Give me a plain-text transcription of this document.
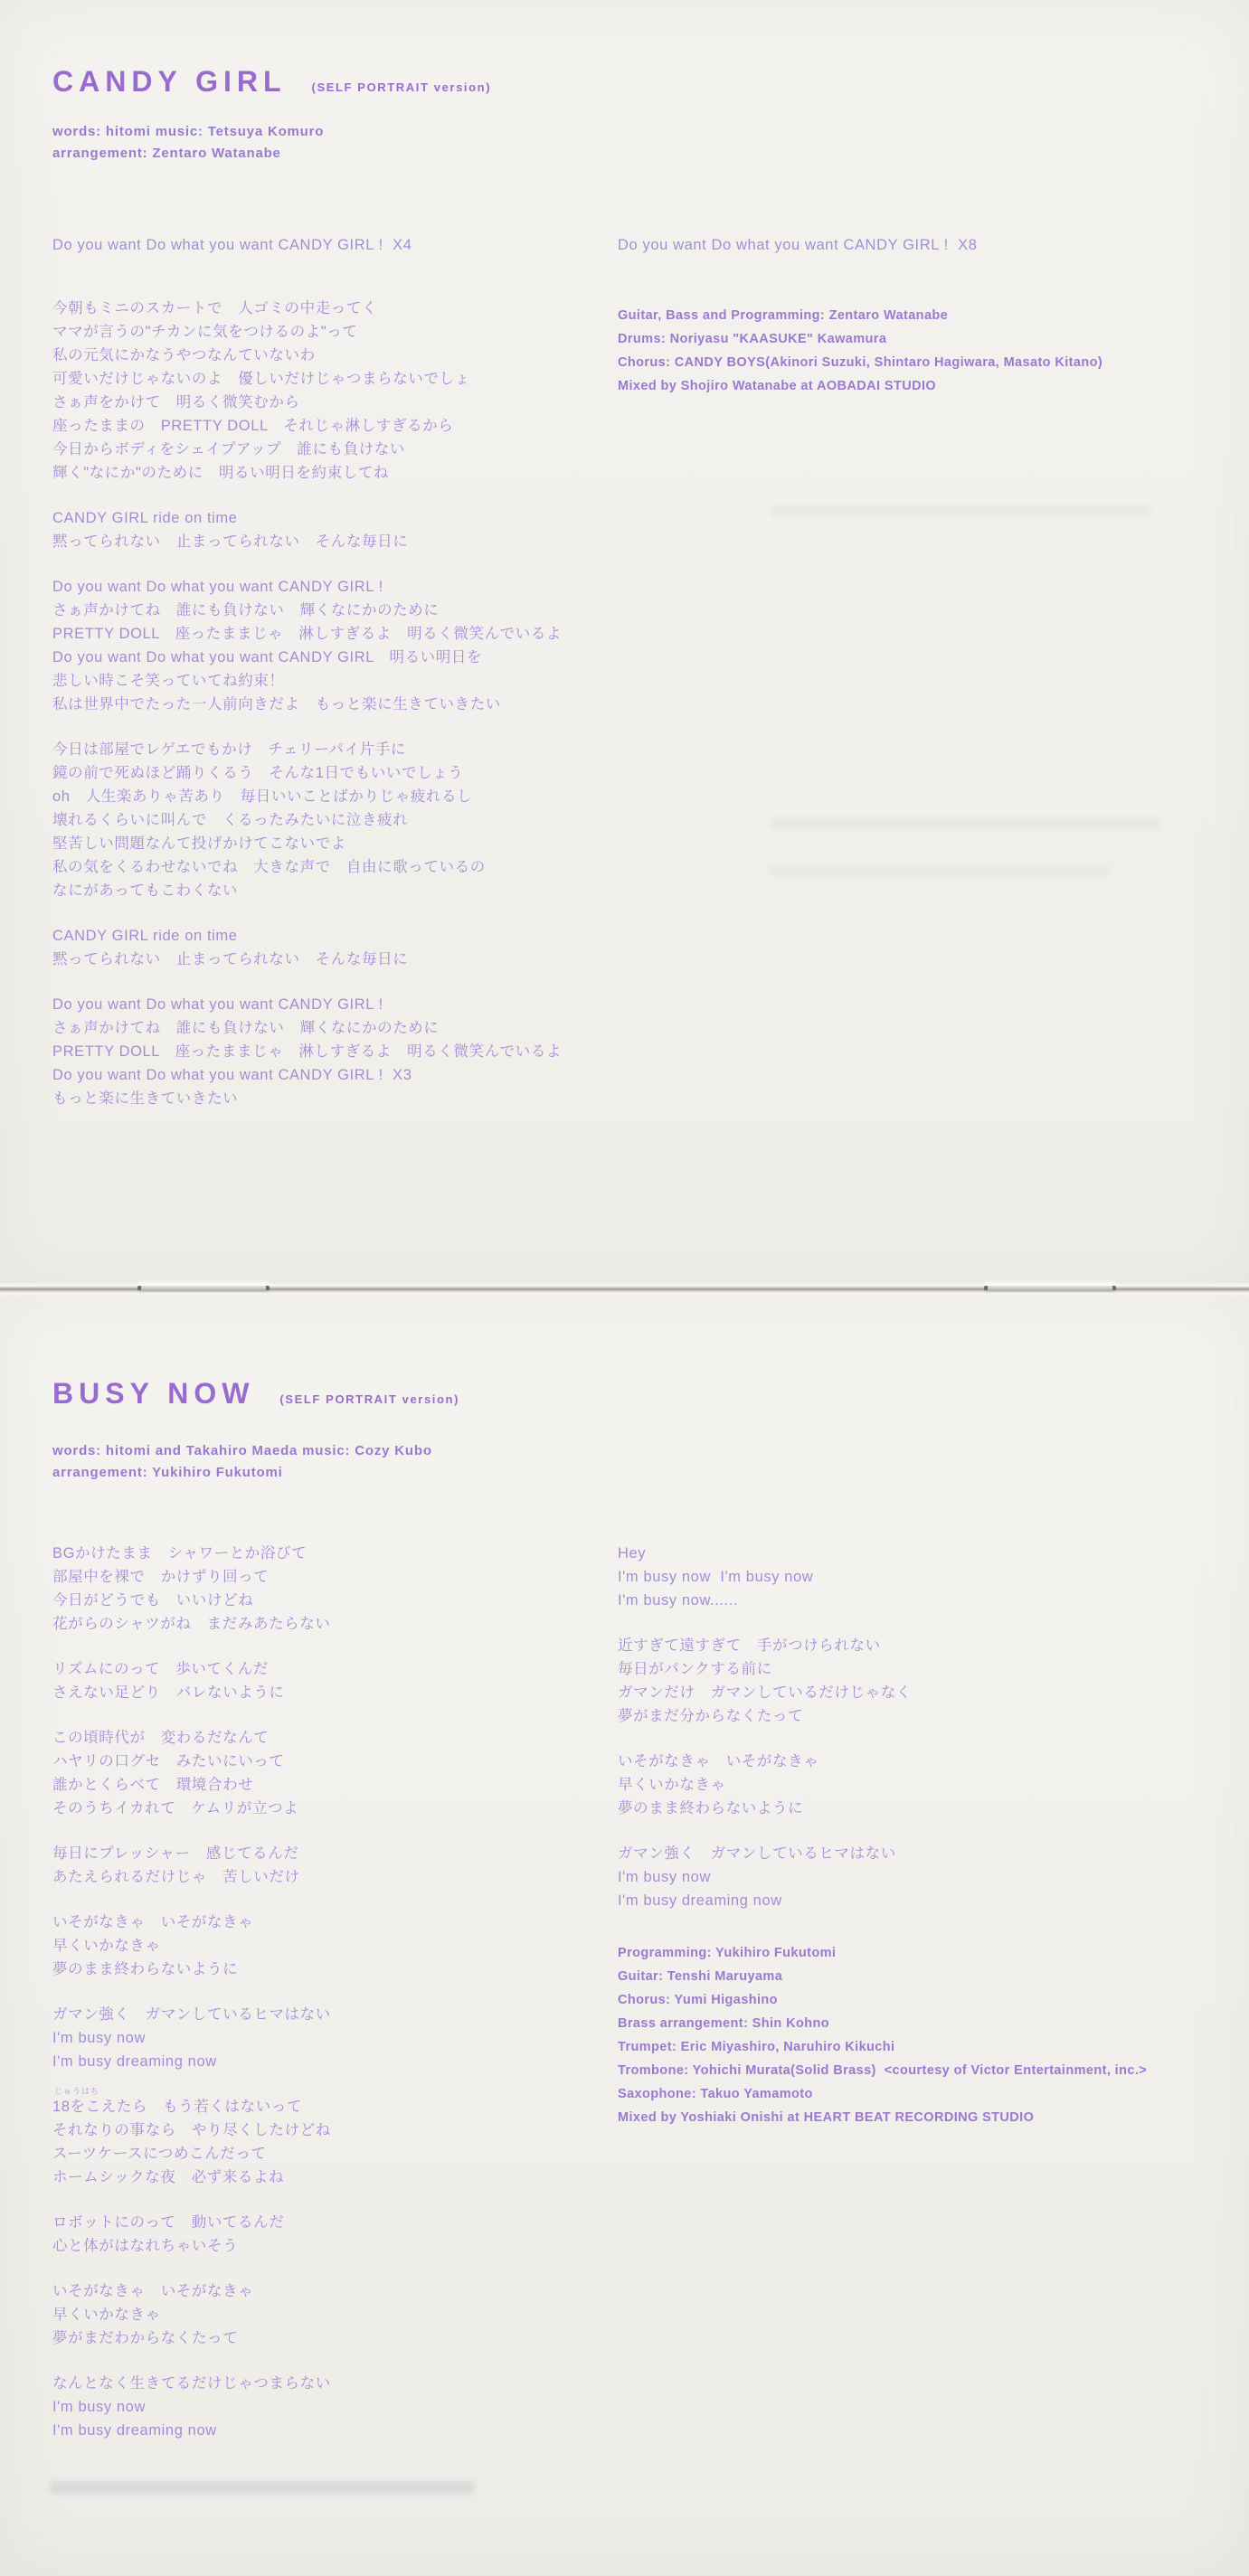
CANDY GIRL (SELF PORTRAIT version)
words: hitomi music: Tetsuya Komuro
arrangement: Zentaro Watanabe
Do you want Do what you want CANDY GIRL !  X4
今朝もミニのスカートで　人ゴミの中走ってく
ママが言うの"チカンに気をつけるのよ"って
私の元気にかなうやつなんていないわ
可愛いだけじゃないのよ　優しいだけじゃつまらないでしょ
さぁ声をかけて　明るく微笑むから
座ったままの　PRETTY DOLL　それじゃ淋しすぎるから
今日からボディをシェイプアップ　誰にも負けない
輝く"なにか"のために　明るい明日を約束してね
CANDY GIRL ride on time
黙ってられない　止まってられない　そんな毎日に
Do you want Do what you want CANDY GIRL !
さぁ声かけてね　誰にも負けない　輝くなにかのために
PRETTY DOLL　座ったままじゃ　淋しすぎるよ　明るく微笑んでいるよ
Do you want Do what you want CANDY GIRL　明るい明日を
悲しい時こそ笑っていてね約束！
私は世界中でたった一人前向きだよ　もっと楽に生きていきたい
今日は部屋でレゲエでもかけ　チェリーパイ片手に
鏡の前で死ぬほど踊りくるう　そんな1日でもいいでしょう
oh　人生楽ありゃ苦あり　毎日いいことばかりじゃ疲れるし
壊れるくらいに叫んで　くるったみたいに泣き疲れ
堅苦しい問題なんて投げかけてこないでよ
私の気をくるわせないでね　大きな声で　自由に歌っているの
なにがあってもこわくない
CANDY GIRL ride on time
黙ってられない　止まってられない　そんな毎日に
Do you want Do what you want CANDY GIRL !
さぁ声かけてね　誰にも負けない　輝くなにかのために
PRETTY DOLL　座ったままじゃ　淋しすぎるよ　明るく微笑んでいるよ
Do you want Do what you want CANDY GIRL !  X3
もっと楽に生きていきたい
Do you want Do what you want CANDY GIRL !  X8
Guitar, Bass and Programming: Zentaro Watanabe
Drums: Noriyasu "KAASUKE" Kawamura
Chorus: CANDY BOYS(Akinori Suzuki, Shintaro Hagiwara, Masato Kitano)
Mixed by Shojiro Watanabe at AOBADAI STUDIO
BUSY NOW (SELF PORTRAIT version)
words: hitomi and Takahiro Maeda music: Cozy Kubo
arrangement: Yukihiro Fukutomi
BGかけたまま　シャワーとか浴びて
部屋中を裸で　かけずり回って
今日がどうでも　いいけどね
花がらのシャツがね　まだみあたらない
リズムにのって　歩いてくんだ
さえない足どり　バレないように
この頃時代が　変わるだなんて
ハヤリの口グセ　みたいにいって
誰かとくらべて　環境合わせ
そのうちイカれて　ケムリが立つよ
毎日にプレッシャー　感じてるんだ
あたえられるだけじゃ　苦しいだけ
いそがなきゃ　いそがなきゃ
早くいかなきゃ
夢のまま終わらないように
ガマン強く　ガマンしているヒマはない
I'm busy now
I'm busy dreaming now
じゅうはち
18をこえたら　もう若くはないって
それなりの事なら　やり尽くしたけどね
スーツケースにつめこんだって
ホームシックな夜　必ず来るよね
ロボットにのって　動いてるんだ
心と体がはなれちゃいそう
いそがなきゃ　いそがなきゃ
早くいかなきゃ
夢がまだわからなくたって
なんとなく生きてるだけじゃつまらない
I'm busy now
I'm busy dreaming now
Hey
I'm busy now  I'm busy now
I'm busy now......
近すぎて遠すぎて　手がつけられない
毎日がパンクする前に
ガマンだけ　ガマンしているだけじゃなく
夢がまだ分からなくたって
いそがなきゃ　いそがなきゃ
早くいかなきゃ
夢のまま終わらないように
ガマン強く　ガマンしているヒマはない
I'm busy now
I'm busy dreaming now
Programming: Yukihiro Fukutomi
Guitar: Tenshi Maruyama
Chorus: Yumi Higashino
Brass arrangement: Shin Kohno
Trumpet: Eric Miyashiro, Naruhiro Kikuchi
Trombone: Yohichi Murata(Solid Brass)  <courtesy of Victor Entertainment, inc.>
Saxophone: Takuo Yamamoto
Mixed by Yoshiaki Onishi at HEART BEAT RECORDING STUDIO
